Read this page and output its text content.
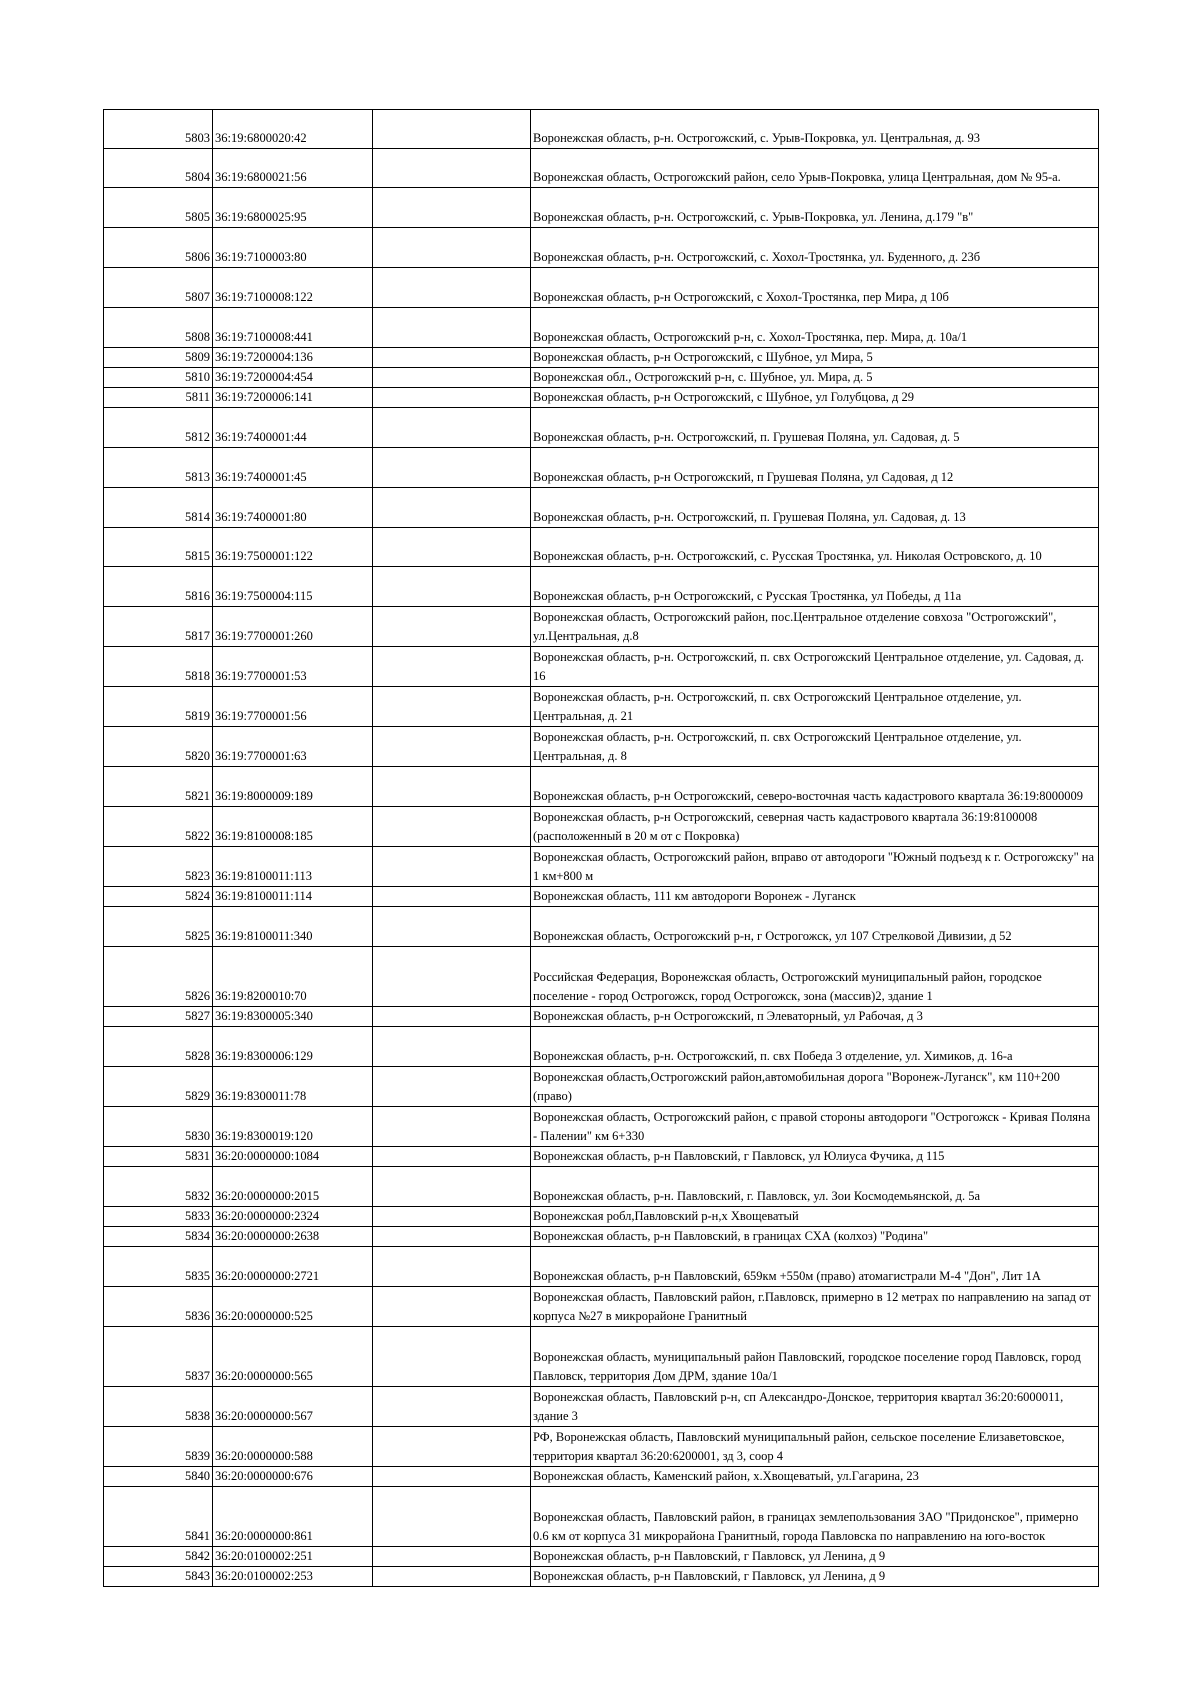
5803	36:19:6800020:42		Воронежская область, р-н. Острогожский, с. Урыв-Покровка, ул. Центральная, д. 93
5804	36:19:6800021:56		Воронежская область, Острогожский район, село Урыв-Покровка, улица Центральная, дом № 95-а.
5805	36:19:6800025:95		Воронежская область, р-н. Острогожский, с. Урыв-Покровка, ул. Ленина, д.179 "в"
5806	36:19:7100003:80		Воронежская область, р-н. Острогожский, с. Хохол-Тростянка, ул. Буденного, д. 23б
5807	36:19:7100008:122		Воронежская область, р-н Острогожский, с Хохол-Тростянка, пер Мира, д 10б
5808	36:19:7100008:441		Воронежская область, Острогожский р-н, с. Хохол-Тростянка, пер. Мира, д. 10а/1
5809	36:19:7200004:136		Воронежская область, р-н Острогожский, с Шубное, ул Мира, 5
5810	36:19:7200004:454		Воронежская обл., Острогожский р-н, с. Шубное, ул. Мира, д. 5
5811	36:19:7200006:141		Воронежская область, р-н Острогожский, с Шубное, ул Голубцова, д 29
5812	36:19:7400001:44		Воронежская область, р-н. Острогожский, п. Грушевая Поляна, ул. Садовая, д. 5
5813	36:19:7400001:45		Воронежская область, р-н Острогожский, п Грушевая Поляна, ул Садовая, д 12
5814	36:19:7400001:80		Воронежская область, р-н. Острогожский, п. Грушевая Поляна, ул. Садовая, д. 13
5815	36:19:7500001:122		Воронежская область, р-н. Острогожский, с. Русская Тростянка, ул. Николая Островского, д. 10
5816	36:19:7500004:115		Воронежская область, р-н Острогожский, с Русская Тростянка, ул Победы, д 11а
5817	36:19:7700001:260		Воронежская область, Острогожский район, пос.Центральное отделение совхоза "Острогожский", ул.Центральная, д.8
5818	36:19:7700001:53		Воронежская область, р-н. Острогожский, п. свх Острогожский Центральное отделение, ул. Садовая, д. 16
5819	36:19:7700001:56		Воронежская область, р-н. Острогожский, п. свх Острогожский Центральное отделение, ул. Центральная, д. 21
5820	36:19:7700001:63		Воронежская область, р-н. Острогожский, п. свх Острогожский Центральное отделение, ул. Центральная, д. 8
5821	36:19:8000009:189		Воронежская область, р-н Острогожский, северо-восточная часть кадастрового квартала 36:19:8000009
5822	36:19:8100008:185		Воронежская область, р-н Острогожский, северная часть кадастрового квартала 36:19:8100008 (расположенный в 20 м от с Покровка)
5823	36:19:8100011:113		Воронежская область, Острогожский район, вправо от автодороги "Южный подъезд к г. Острогожску" на 1 км+800 м
5824	36:19:8100011:114		Воронежская область, 111 км автодороги Воронеж - Луганск
5825	36:19:8100011:340		Воронежская область, Острогожский р-н, г Острогожск, ул 107 Стрелковой Дивизии, д 52
5826	36:19:8200010:70		Российская Федерация, Воронежская область, Острогожский муниципальный район, городское поселение - город Острогожск, город Острогожск, зона (массив)2, здание 1
5827	36:19:8300005:340		Воронежская область, р-н Острогожский, п Элеваторный, ул Рабочая, д 3
5828	36:19:8300006:129		Воронежская область, р-н. Острогожский, п. свх Победа 3 отделение, ул. Химиков, д. 16-а
5829	36:19:8300011:78		Воронежская область,Острогожский район,автомобильная дорога "Воронеж-Луганск", км 110+200 (право)
5830	36:19:8300019:120		Воронежская область, Острогожский район, с правой стороны автодороги "Острогожск - Кривая Поляна - Палении" км 6+330
5831	36:20:0000000:1084		Воронежская область, р-н Павловский, г Павловск, ул Юлиуса Фучика, д 115
5832	36:20:0000000:2015		Воронежская область, р-н. Павловский, г. Павловск, ул. Зои Космодемьянской, д. 5а
5833	36:20:0000000:2324		Воронежская робл,Павловский р-н,х Хвощеватый
5834	36:20:0000000:2638		Воронежская область, р-н Павловский, в границах СХА (колхоз) "Родина"
5835	36:20:0000000:2721		Воронежская область, р-н Павловский, 659км +550м (право) атомагистрали М-4 "Дон", Лит 1А
5836	36:20:0000000:525		Воронежская область, Павловский район, г.Павловск, примерно в 12 метрах по направлению на запад от корпуса №27 в микрорайоне Гранитный
5837	36:20:0000000:565		Воронежская область, муниципальный район Павловский, городское поселение город Павловск, город Павловск, территория Дом ДРМ, здание 10а/1
5838	36:20:0000000:567		Воронежская область, Павловский р-н, сп Александро-Донское, территория квартал 36:20:6000011, здание 3
5839	36:20:0000000:588		РФ, Воронежская область, Павловский муниципальный район, сельское поселение Елизаветовское, территория квартал 36:20:6200001, зд 3, соор 4
5840	36:20:0000000:676		Воронежская область, Каменский район, х.Хвощеватый, ул.Гагарина, 23
5841	36:20:0000000:861		Воронежская область, Павловский район, в границах землепользования ЗАО "Придонское", примерно 0.6 км от корпуса 31 микрорайона Гранитный, города Павловска по направлению на юго-восток
5842	36:20:0100002:251		Воронежская область, р-н Павловский, г Павловск, ул Ленина, д 9
5843	36:20:0100002:253		Воронежская область, р-н Павловский, г Павловск, ул Ленина, д 9
